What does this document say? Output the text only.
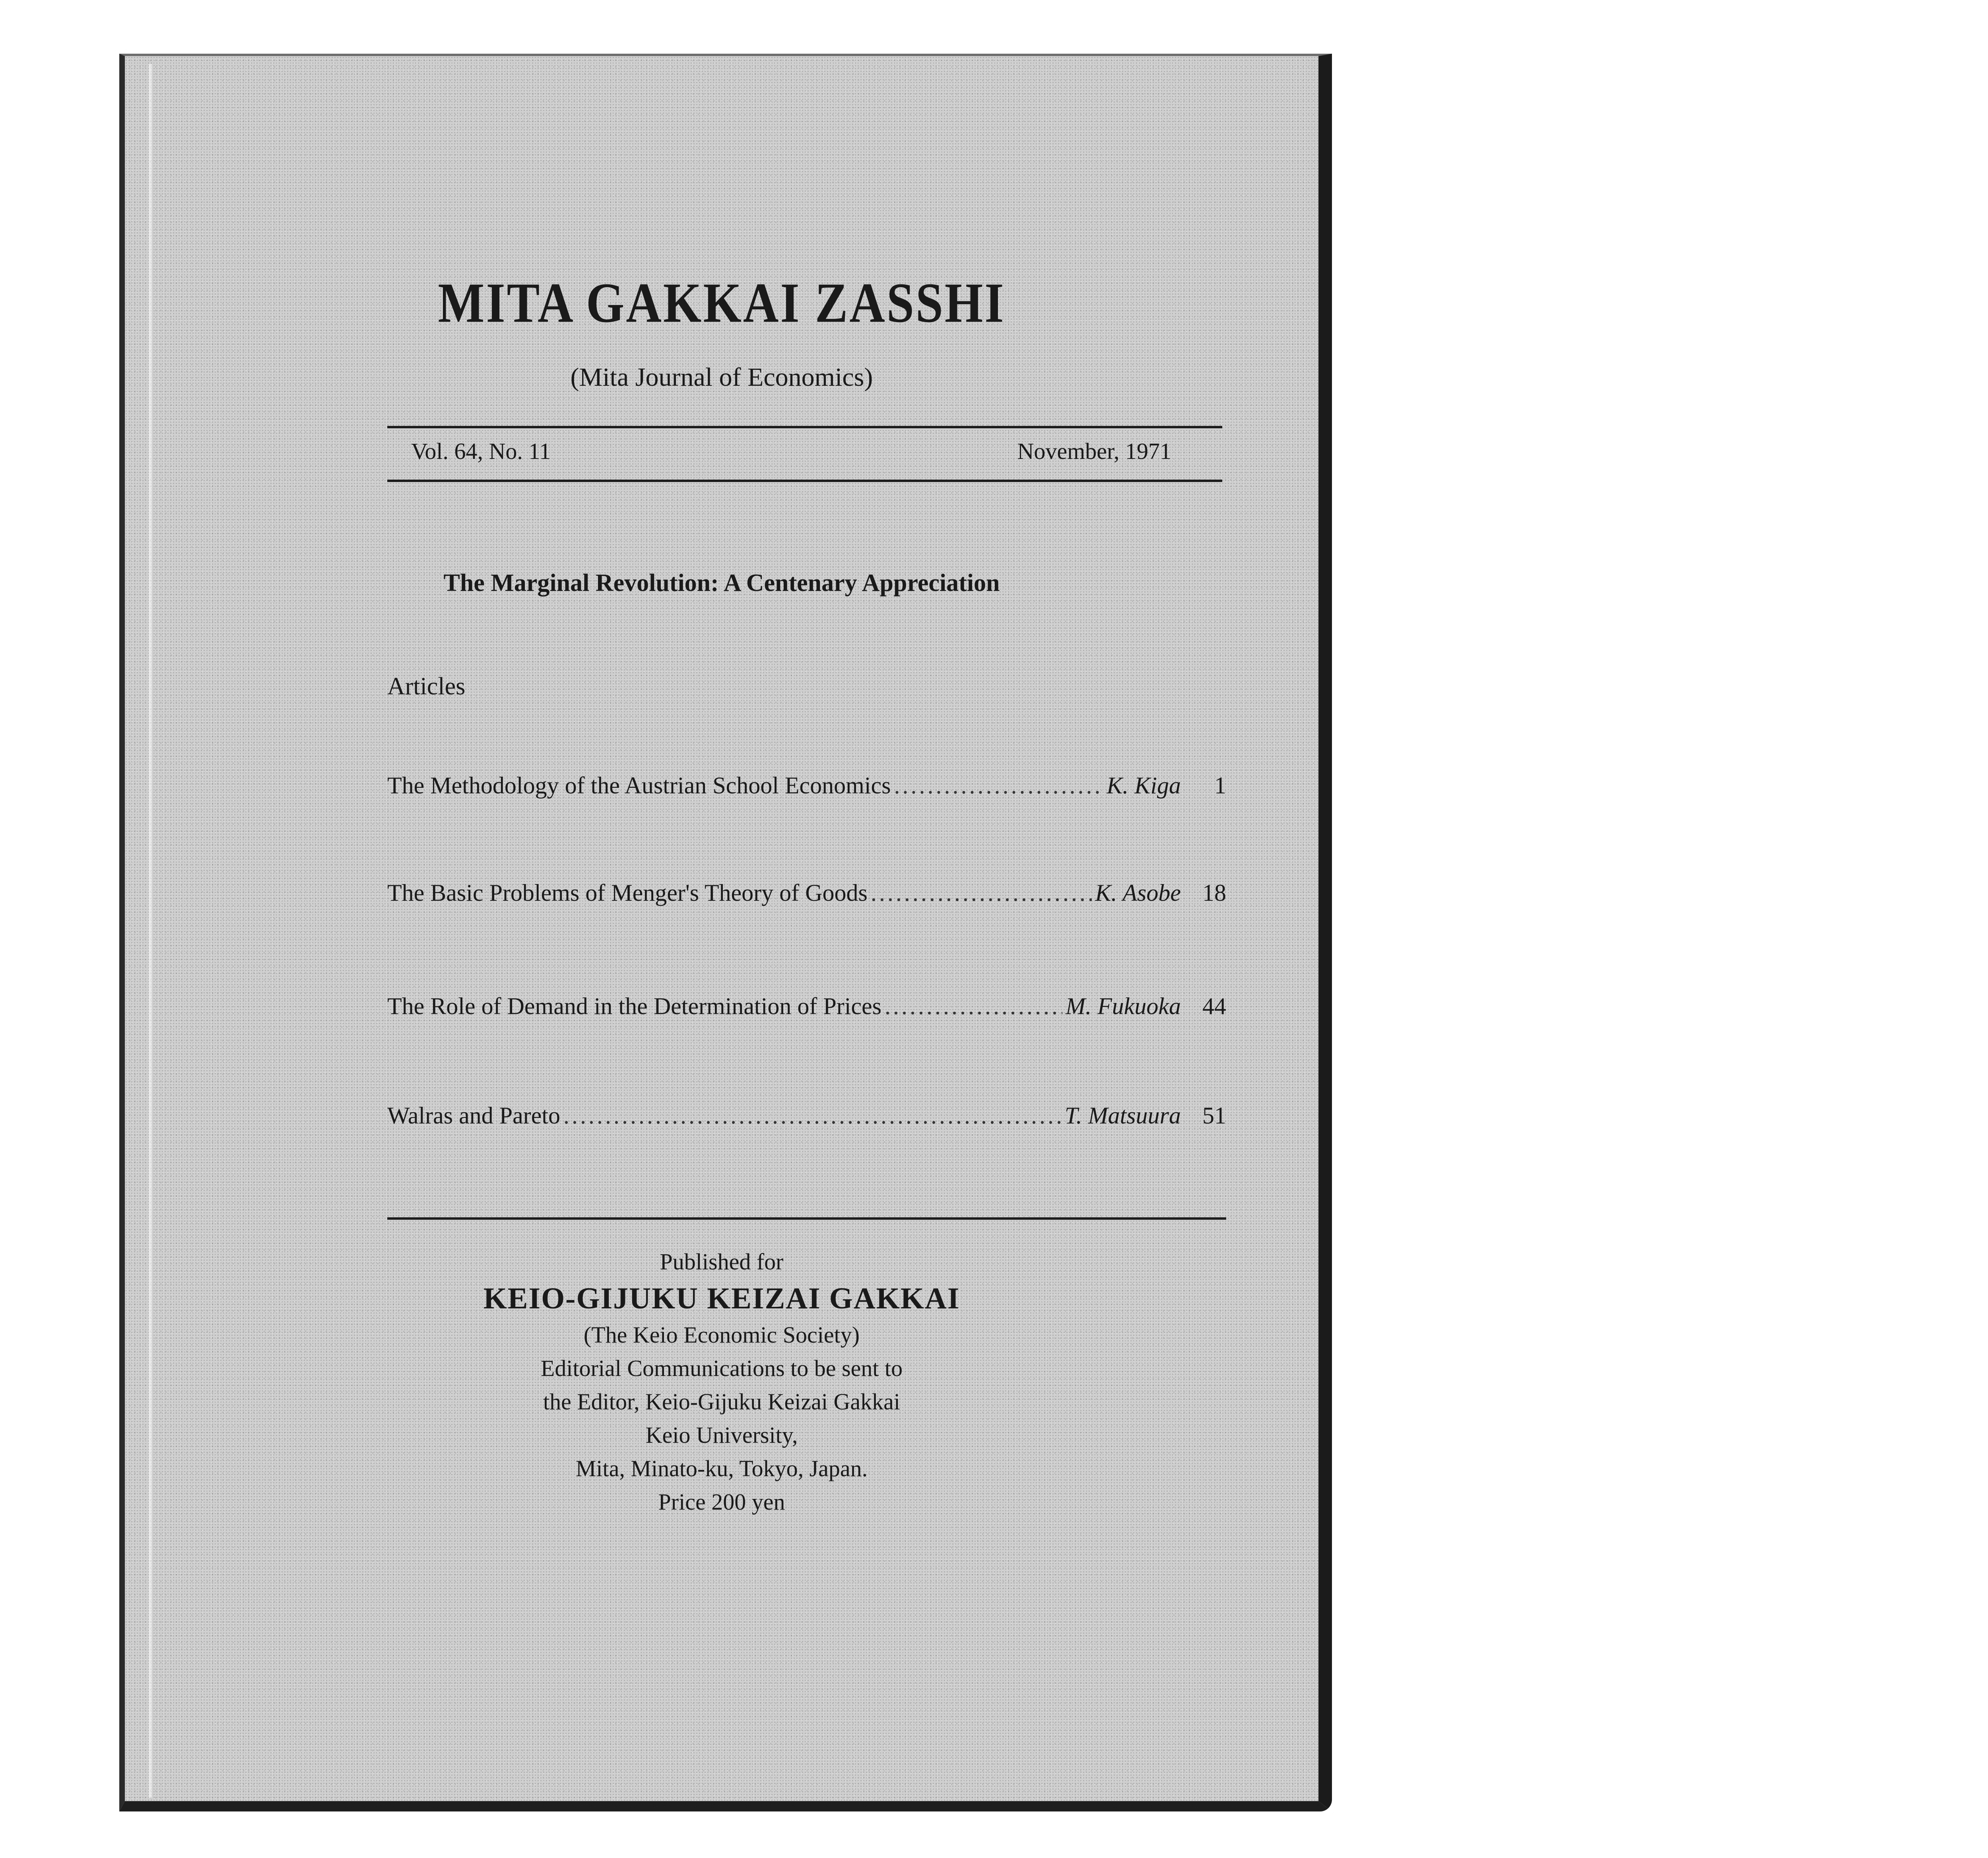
MITA GAKKAI ZASSHI
(Mita Journal of Economics)
Vol. 64, No. 11	November, 1971
The Marginal Revolution: A Centenary Appreciation
Articles
The Methodology of the Austrian School Economics .....	K. Kiga	1
The Basic Problems of Menger's Theory of Goods .....	K. Asobe 18
The Role of Demand in the Determination of Prices .....	M. Fukuoka 44
Walras and Pareto .....	T. Matsuura 51
Published for
KEIO-GIJUKU KEIZAI GAKKAI
(The Keio Economic Society)
Editorial Communications to be sent to
the Editor, Keio-Gijuku Keizai Gakkai
Keio University,
Mita, Minato-ku, Tokyo, Japan.
Price 200 yen
